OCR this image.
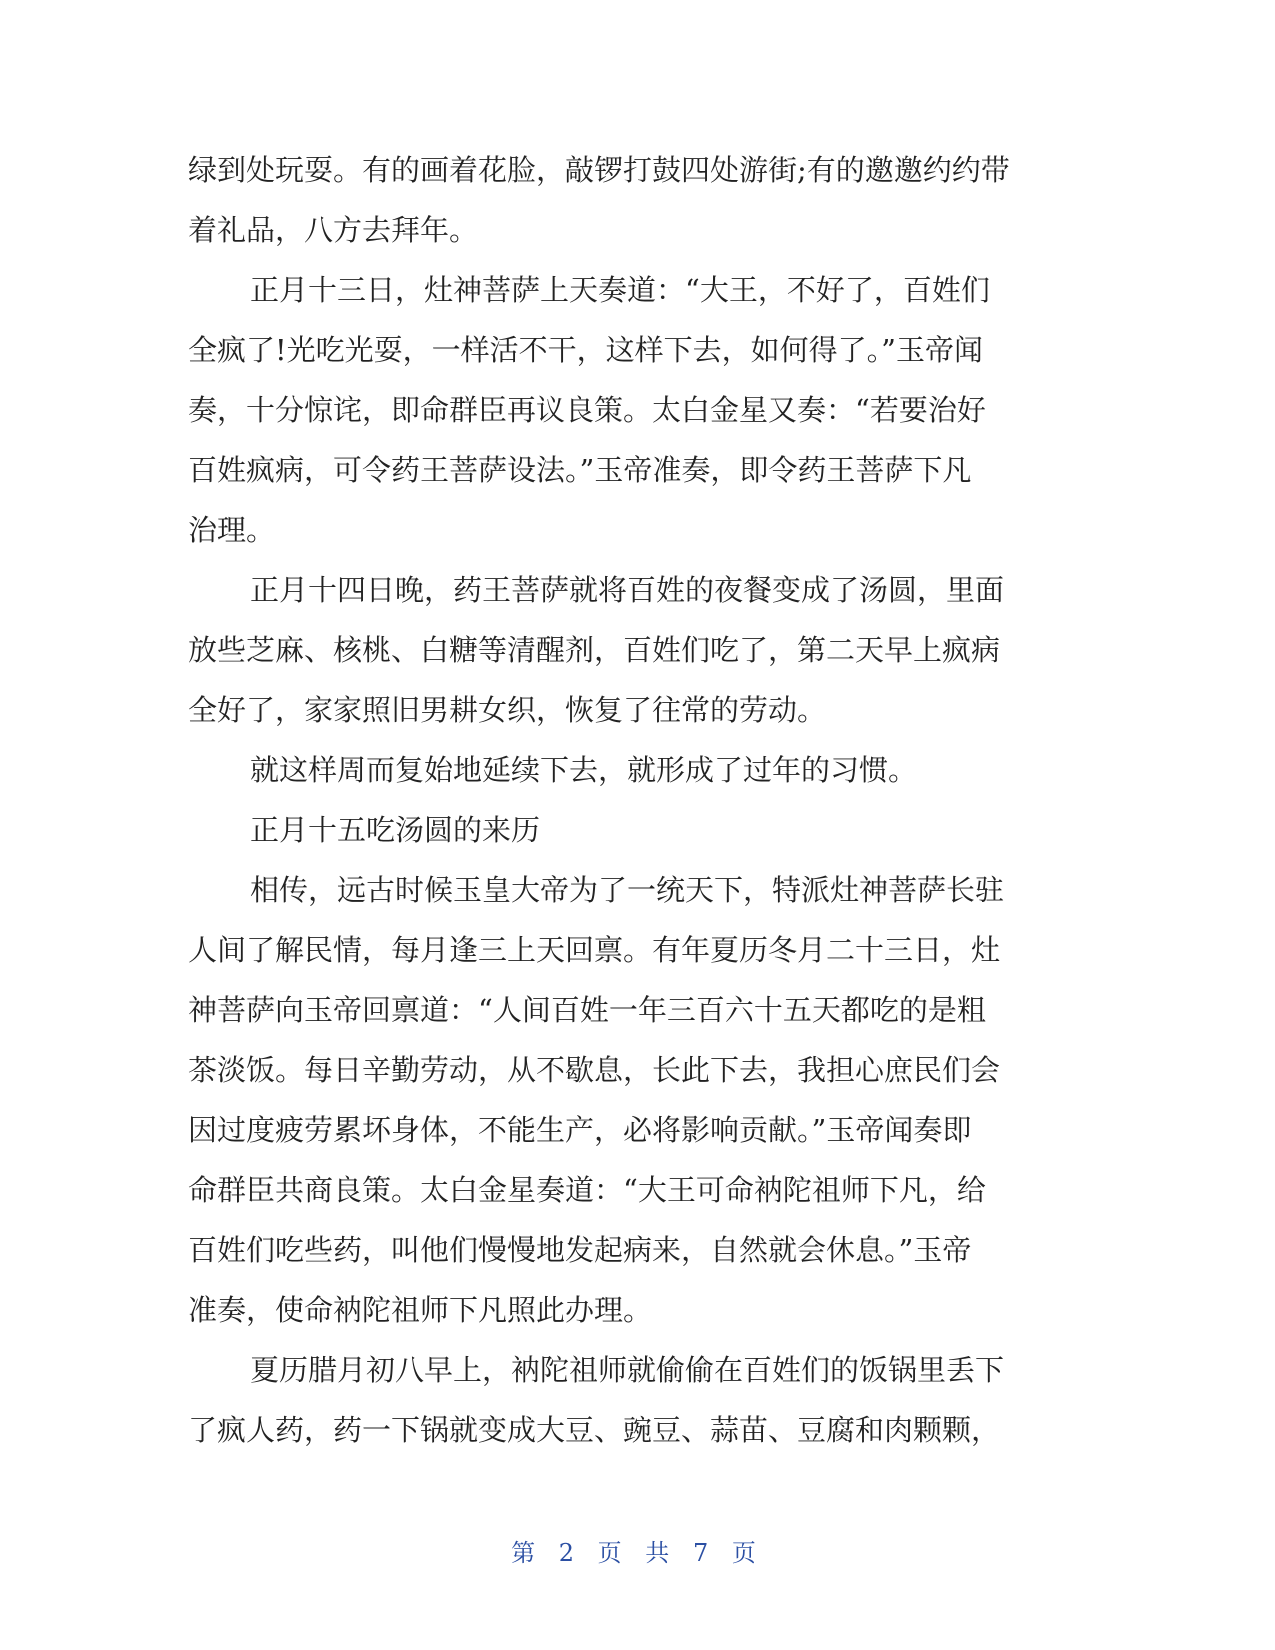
绿到处玩耍。有的画着花脸，敲锣打鼓四处游街;有的邀邀约约带
着礼品，八方去拜年。
正月十三日，灶神菩萨上天奏道：“大王，不好了，百姓们
全疯了!光吃光耍，一样活不干，这样下去，如何得了。”玉帝闻
奏，十分惊诧，即命群臣再议良策。太白金星又奏：“若要治好
百姓疯病，可令药王菩萨设法。”玉帝准奏，即令药王菩萨下凡
治理。
正月十四日晚，药王菩萨就将百姓的夜餐变成了汤圆，里面
放些芝麻、核桃、白糖等清醒剂，百姓们吃了，第二天早上疯病
全好了，家家照旧男耕女织，恢复了往常的劳动。
就这样周而复始地延续下去，就形成了过年的习惯。
正月十五吃汤圆的来历
相传，远古时候玉皇大帝为了一统天下，特派灶神菩萨长驻
人间了解民情，每月逢三上天回禀。有年夏历冬月二十三日，灶
神菩萨向玉帝回禀道：“人间百姓一年三百六十五天都吃的是粗
茶淡饭。每日辛勤劳动，从不歇息，长此下去，我担心庶民们会
因过度疲劳累坏身体，不能生产，必将影响贡献。”玉帝闻奏即
命群臣共商良策。太白金星奏道：“大王可命衲陀祖师下凡，给
百姓们吃些药，叫他们慢慢地发起病来，自然就会休息。”玉帝
准奏，使命衲陀祖师下凡照此办理。
夏历腊月初八早上，衲陀祖师就偷偷在百姓们的饭锅里丢下
了疯人药，药一下锅就变成大豆、豌豆、蒜苗、豆腐和肉颗颗，
第 2 页 共 7 页
